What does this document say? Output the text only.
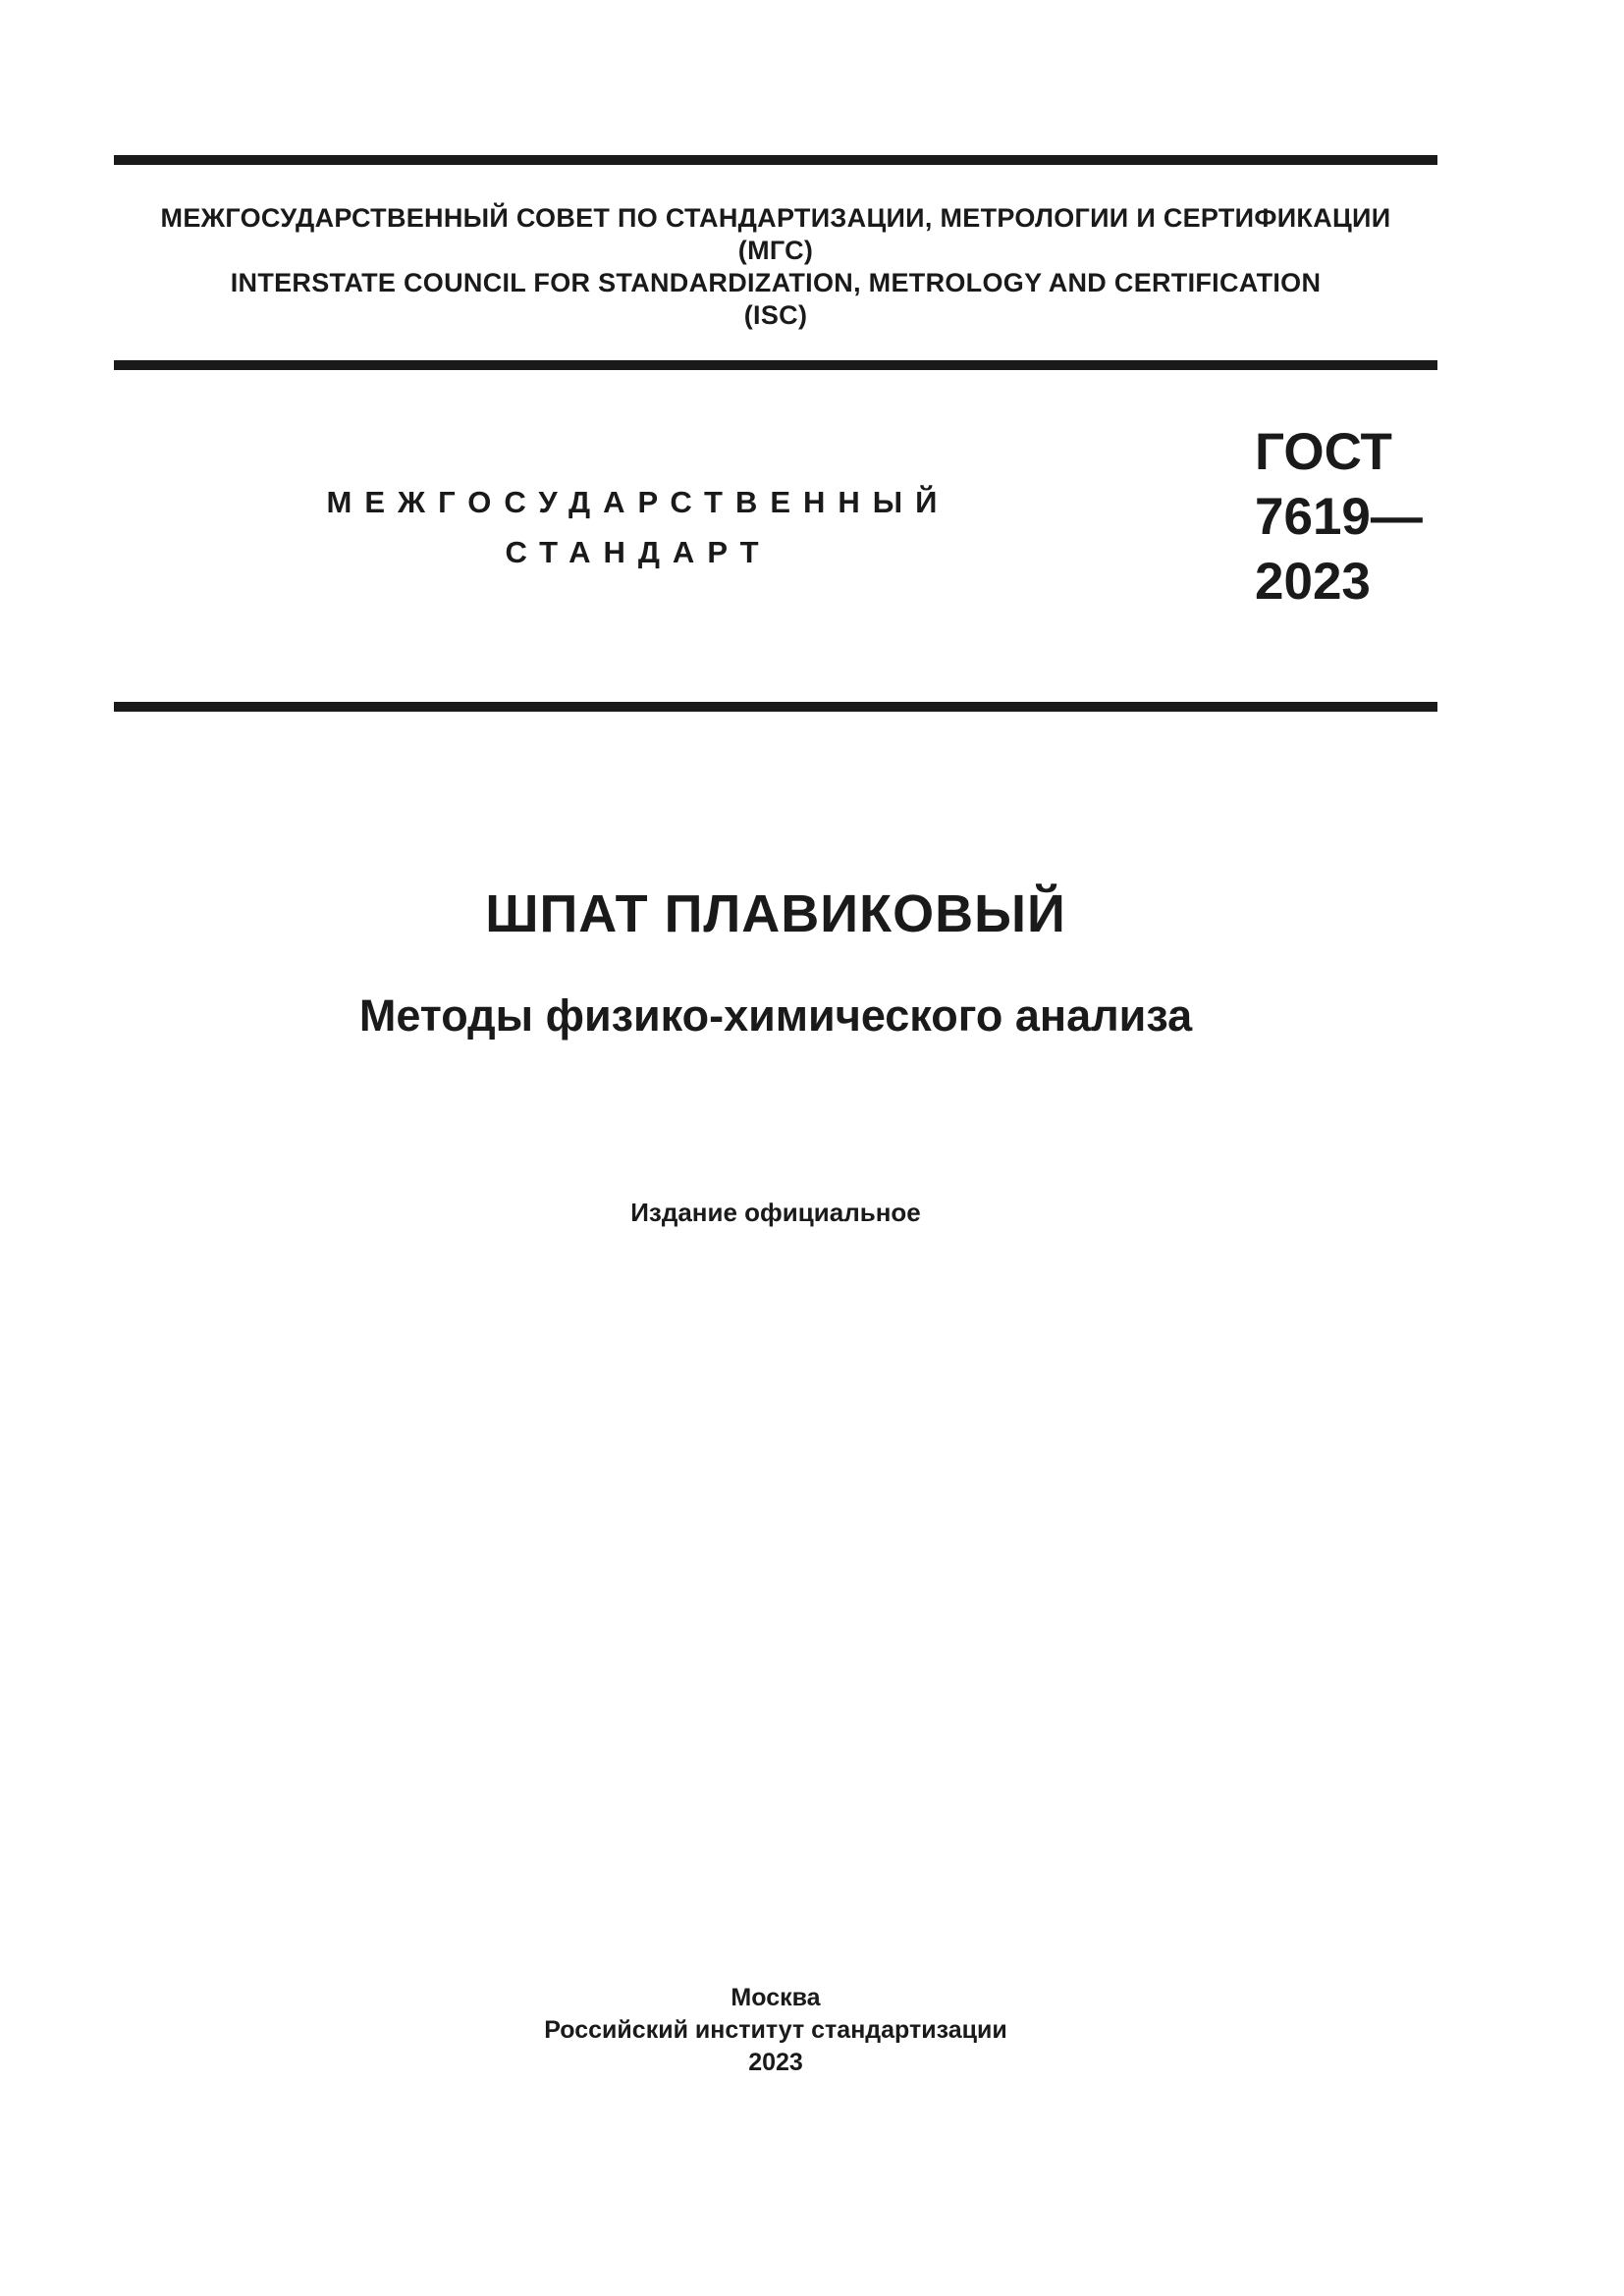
МЕЖГОСУДАРСТВЕННЫЙ СОВЕТ ПО СТАНДАРТИЗАЦИИ, МЕТРОЛОГИИ И СЕРТИФИКАЦИИ
(МГС)
INTERSTATE COUNCIL FOR STANDARDIZATION, METROLOGY AND CERTIFICATION
(ISC)
МЕЖГОСУДАРСТВЕННЫЙ
СТАНДАРТ
ГОСТ
7619—
2023
ШПАТ ПЛАВИКОВЫЙ
Методы физико-химического анализа
Издание официальное
Москва
Российский институт стандартизации
2023
